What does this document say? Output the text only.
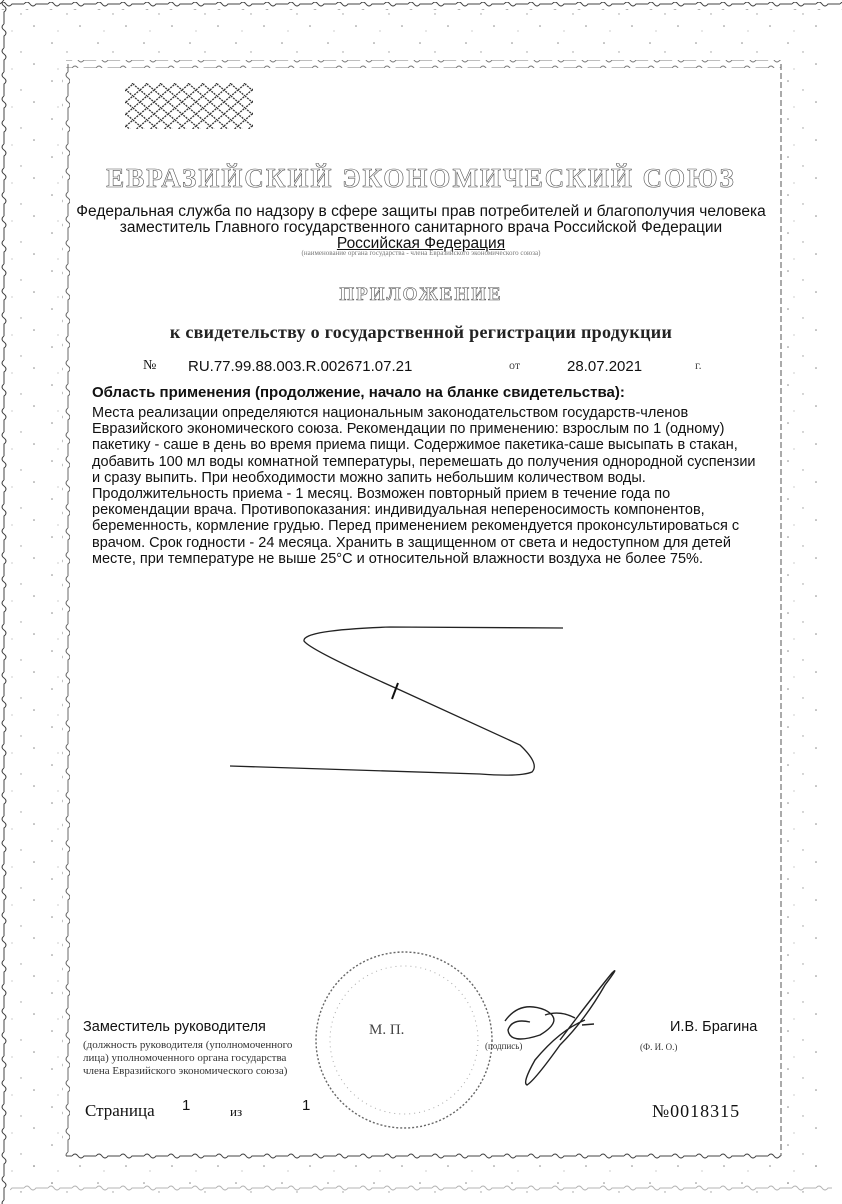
ЕВРАЗИЙСКИЙ ЭКОНОМИЧЕСКИЙ СОЮЗ
Федеральная служба по надзору в сфере защиты прав потребителей и благополучия человека
заместитель Главного государственного санитарного врача Российской Федерации
Российская Федерация
(наименование органа государства - члена Евразийского экономического союза)
ПРИЛОЖЕНИЕ
к свидетельству о государственной регистрации продукции
№ RU.77.99.88.003.R.002671.07.21	от	28.07.2021	г.
Область применения (продолжение, начало на бланке свидетельства):

Места реализации определяются национальным законодательством государств-членов

Евразийского экономического союза. Рекомендации по применению: взрослым по 1 (одному)

пакетику - саше в день во время приема пищи. Содержимое пакетика-саше высыпать в стакан,

добавить 100 мл воды комнатной температуры, перемешать до получения однородной суспензии

и сразу выпить. При необходимости можно запить небольшим количеством воды.

Продолжительность приема - 1 месяц. Возможен повторный прием в течение года по

рекомендации врача. Противопоказания: индивидуальная непереносимость компонентов,

беременность, кормление грудью. Перед применением рекомендуется проконсультироваться с

врачом. Срок годности - 24 месяца. Хранить в защищенном от света и недоступном для детей

месте, при температуре не выше 25°C и относительной влажности воздуха не более 75%.

Заместитель руководителя
(должность руководителя (уполномоченного
лица) уполномоченного органа государства
члена Евразийского экономического союза)
М. П.
(подпись)
И.В. Брагина
(Ф. И. О.)
Страница 1	из	1	№0018315
